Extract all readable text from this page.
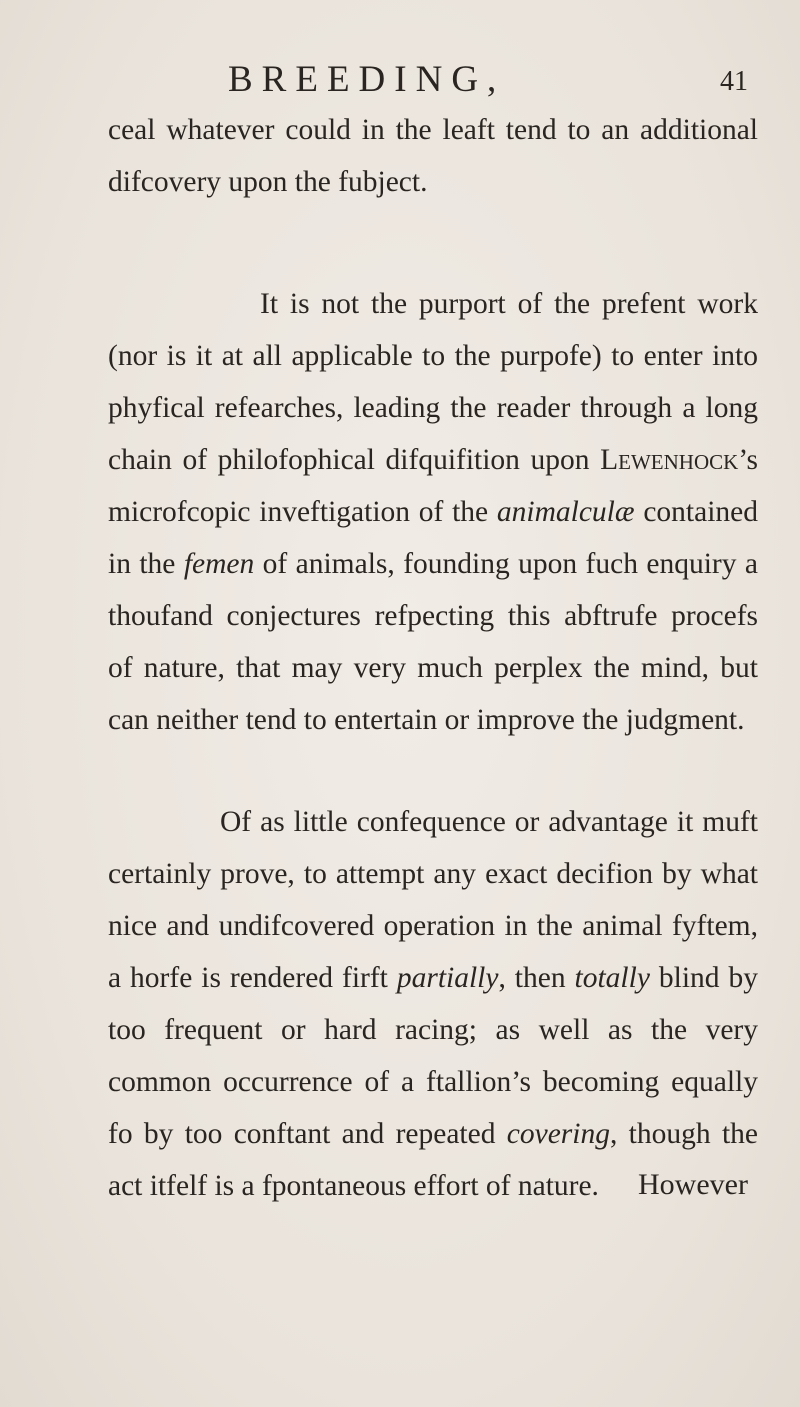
BREEDING,	41

ceal whatever could in the leaft tend to an additional difcovery upon the fubject.

It is not the purport of the prefent work (nor is it at all applicable to the purpofe) to enter into phyfical refearches, leading the reader through a long chain of philofophical difquifition upon Lewenhock’s microfcopic inveftigation of the animalculæ contained in the femen of animals, founding upon fuch enquiry a thoufand conjectures refpecting this abftrufe procefs of nature, that may very much perplex the mind, but can neither tend to entertain or improve the judgment.

Of as little confequence or advantage it muft certainly prove, to attempt any exact decifion by what nice and undifcovered operation in the animal fyftem, a horfe is rendered firft partially, then totally blind by too frequent or hard racing; as well as the very common occurrence of a ftallion’s becoming equally fo by too conftant and repeated covering, though the act itfelf is a fpontaneous effort of nature.	However
